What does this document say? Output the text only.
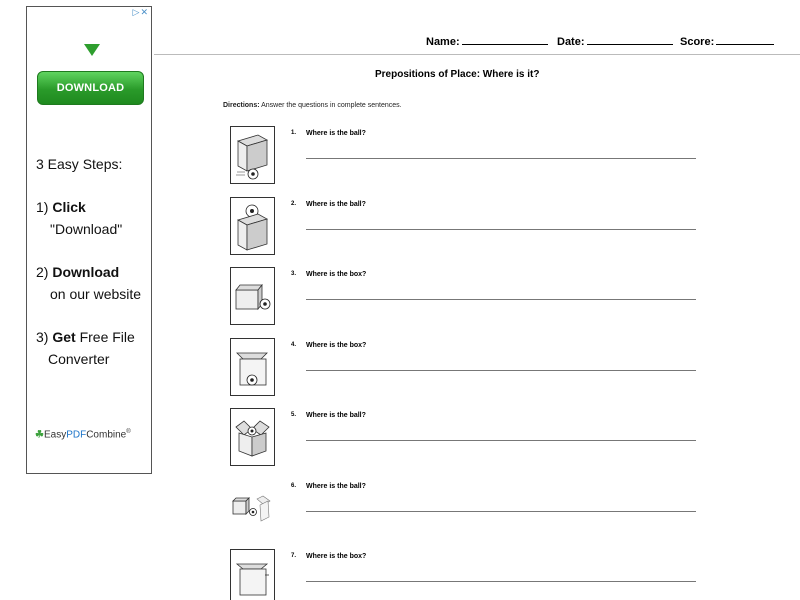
▷✕
DOWNLOAD
3 Easy Steps:
1) Click
"Download"
2) Download
on our website
3) Get Free File
Converter
☘EasyPDFCombine®
Name:	Date:	Score:
Prepositions of Place: Where is it?
Directions: Answer the questions in complete sentences.
1. Where is the ball?
2. Where is the ball?
3. Where is the box?
4. Where is the box?
5. Where is the ball?
6. Where is the ball?
7. Where is the box?
